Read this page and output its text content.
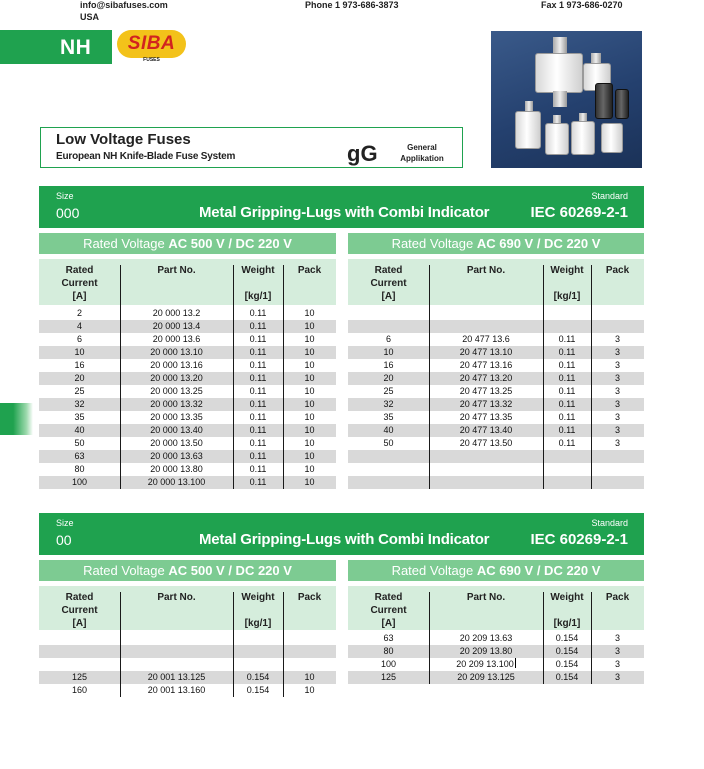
info@sibafuses.com
USA
Phone 1 973-686-3873	Fax 1 973-686-0270
NH	SIBA
FUSES
Low Voltage Fuses
European NH Knife-Blade Fuse System	gG	General
Applikation
Size
000	Metal Gripping-Lugs with Combi Indicator
Standard
IEC 60269-2-1
Rated Voltage AC 500 V / DC 220 V
Rated
Current
[A]
Part No.	Weight
[kg/1]
Pack
2	20 000 13.2	0.11	10
4	20 000 13.4	0.11	10
6	20 000 13.6	0.11	10
10	20 000 13.10	0.11	10
16	20 000 13.16	0.11	10
20	20 000 13.20	0.11	10
25	20 000 13.25	0.11	10
32	20 000 13.32	0.11	10
35	20 000 13.35	0.11	10
40	20 000 13.40	0.11	10
50	20 000 13.50	0.11	10
63	20 000 13.63	0.11	10
80	20 000 13.80	0.11	10
100	20 000 13.100	0.11	10
Rated Voltage AC 690 V / DC 220 V
Rated
Current
[A]
Part No.	Weight
[kg/1]
Pack
6	20 477 13.6	0.11	3
10	20 477 13.10	0.11	3
16	20 477 13.16	0.11	3
20	20 477 13.20	0.11	3
25	20 477 13.25	0.11	3
32	20 477 13.32	0.11	3
35	20 477 13.35	0.11	3
40	20 477 13.40	0.11	3
50	20 477 13.50	0.11	3
Size
00	Metal Gripping-Lugs with Combi Indicator
Standard
IEC 60269-2-1
Rated Voltage AC 500 V / DC 220 V
Rated
Current
[A]
Part No.	Weight
[kg/1]
Pack
125	20 001 13.125	0.154	10
160	20 001 13.160	0.154	10
Rated Voltage AC 690 V / DC 220 V
Rated
Current
[A]
Part No.	Weight
[kg/1]
Pack
63	20 209 13.63	0.154	3
80	20 209 13.80	0.154	3
100	20 209 13.100	0.154	3
125	20 209 13.125	0.154	3
